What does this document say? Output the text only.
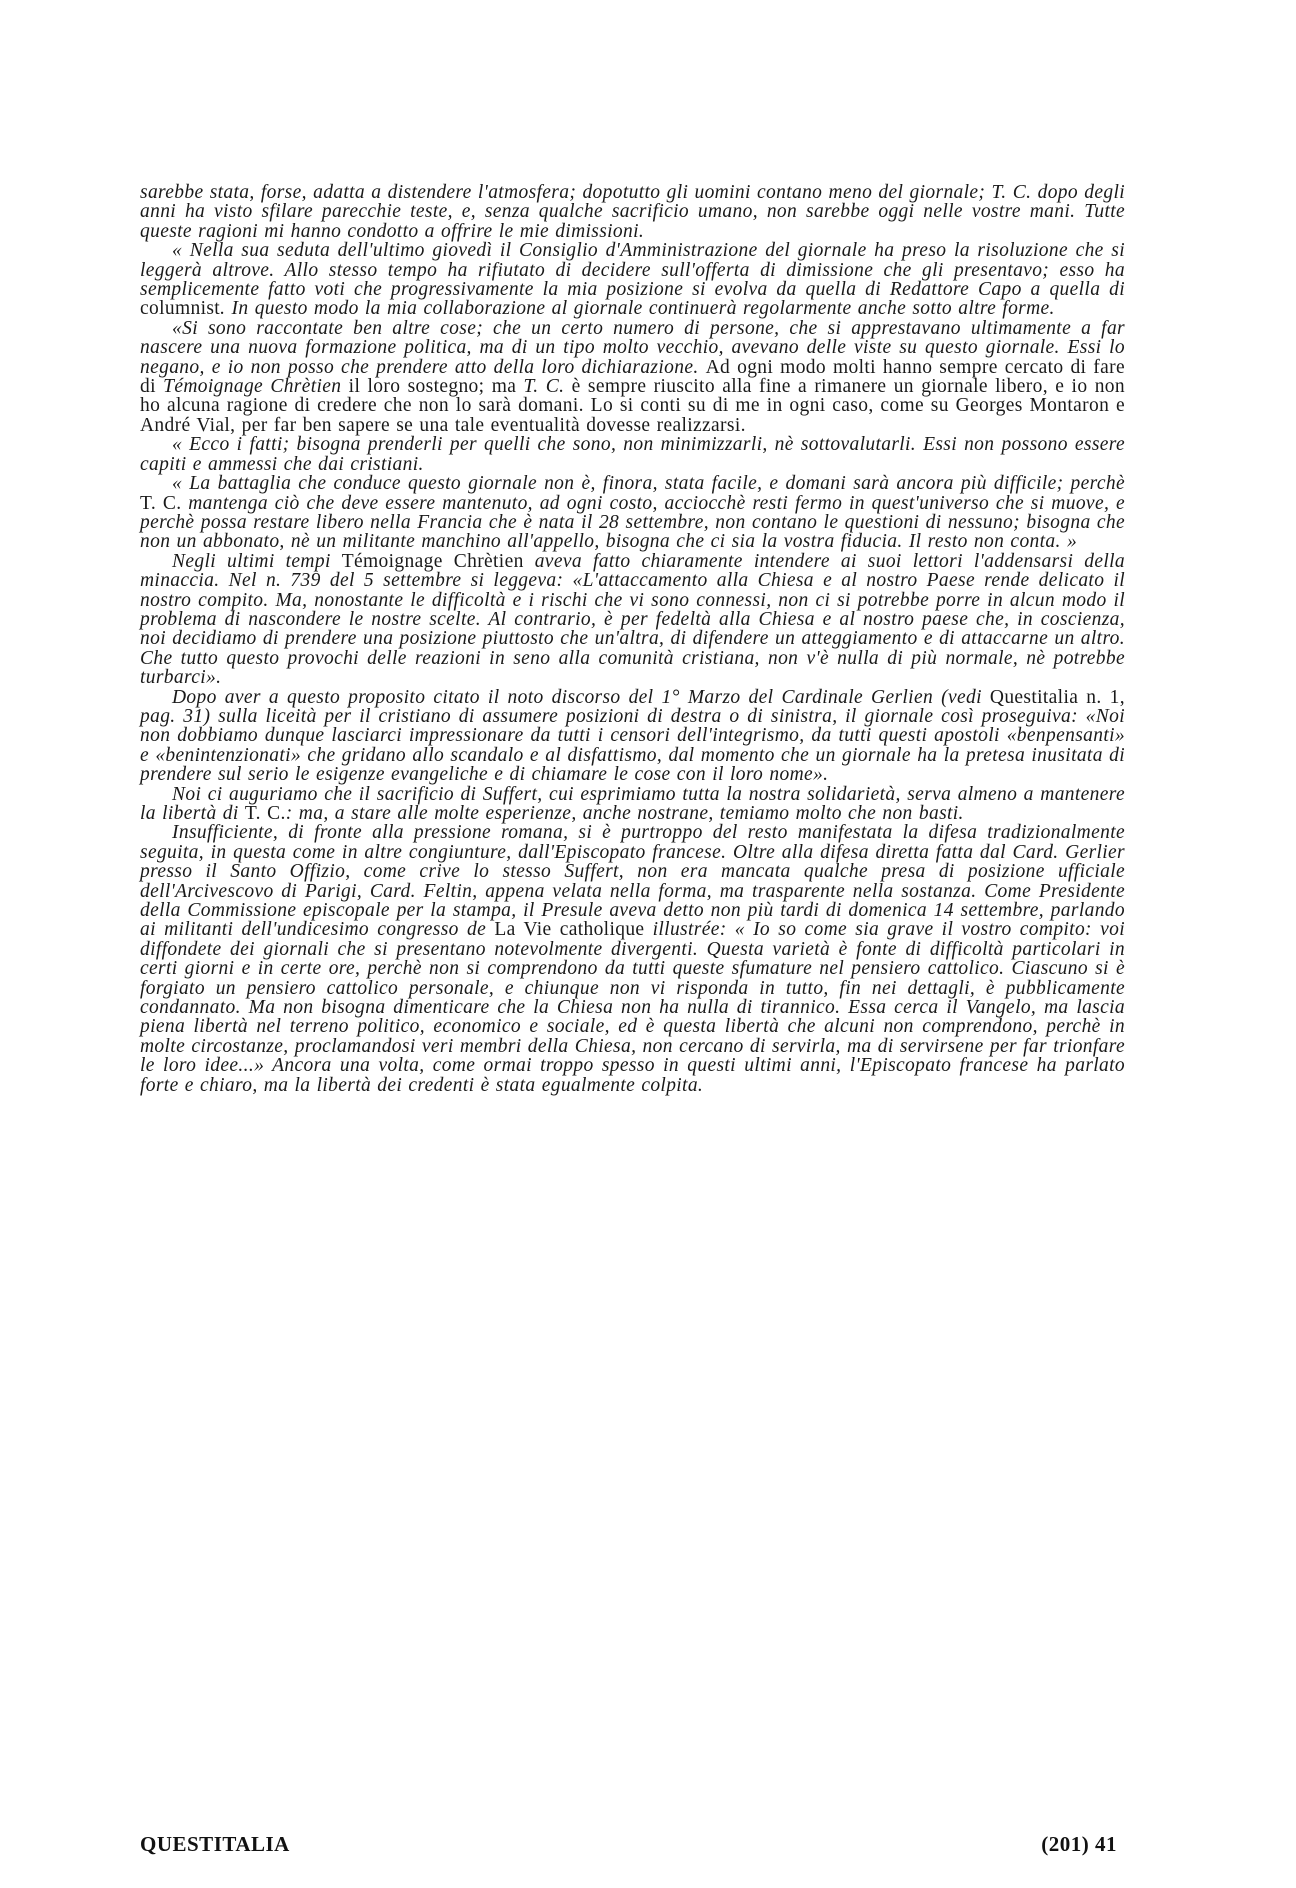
sarebbe stata, forse, adatta a distendere l'atmosfera; dopotutto gli uomini contano meno del giornale; T. C. dopo degli anni ha visto sfilare parecchie teste, e, senza qualche sacrificio umano, non sarebbe oggi nelle vostre mani. Tutte queste ragioni mi hanno condotto a offrire le mie dimissioni.

« Nella sua seduta dell'ultimo giovedì il Consiglio d'Amministrazione del giornale ha preso la risoluzione che si leggerà altrove. Allo stesso tempo ha rifiutato di decidere sull'offerta di dimissione che gli presentavo; esso ha semplicemente fatto voti che progressivamente la mia posizione si evolva da quella di Redattore Capo a quella di columnist. In questo modo la mia collaborazione al giornale continuerà regolarmente anche sotto altre forme.

«Si sono raccontate ben altre cose; che un certo numero di persone, che si apprestavano ultimamente a far nascere una nuova formazione politica, ma di un tipo molto vecchio, avevano delle viste su questo giornale. Essi lo negano, e io non posso che prendere atto della loro dichiarazione. Ad ogni modo molti hanno sempre cercato di fare di Témoignage Chrètien il loro sostegno; ma T. C. è sempre riuscito alla fine a rimanere un giornale libero, e io non ho alcuna ragione di credere che non lo sarà domani. Lo si conti su di me in ogni caso, come su Georges Montaron e André Vial, per far ben sapere se una tale eventualità dovesse realizzarsi.

« Ecco i fatti; bisogna prenderli per quelli che sono, non minimizzarli, nè sottovalutarli. Essi non possono essere capiti e ammessi che dai cristiani.

« La battaglia che conduce questo giornale non è, finora, stata facile, e domani sarà ancora più difficile; perchè T. C. mantenga ciò che deve essere mantenuto, ad ogni costo, acciocchè resti fermo in quest'universo che si muove, e perchè possa restare libero nella Francia che è nata il 28 settembre, non contano le questioni di nessuno; bisogna che non un abbonato, nè un militante manchino all'appello, bisogna che ci sia la vostra fiducia. Il resto non conta. »

Negli ultimi tempi Témoignage Chrètien aveva fatto chiaramente intendere ai suoi lettori l'addensarsi della minaccia. Nel n. 739 del 5 settembre si leggeva: «L'attaccamento alla Chiesa e al nostro Paese rende delicato il nostro compito. Ma, nonostante le difficoltà e i rischi che vi sono connessi, non ci si potrebbe porre in alcun modo il problema di nascondere le nostre scelte. Al contrario, è per fedeltà alla Chiesa e al nostro paese che, in coscienza, noi decidiamo di prendere una posizione piuttosto che un'altra, di difendere un atteggiamento e di attaccarne un altro. Che tutto questo provochi delle reazioni in seno alla comunità cristiana, non v'è nulla di più normale, nè potrebbe turbarci».

Dopo aver a questo proposito citato il noto discorso del 1° Marzo del Cardinale Gerlien (vedi Questitalia n. 1, pag. 31) sulla liceità per il cristiano di assumere posizioni di destra o di sinistra, il giornale così proseguiva: «Noi non dobbiamo dunque lasciarci impressionare da tutti i censori dell'integrismo, da tutti questi apostoli «benpensanti» e «benintenzionati» che gridano allo scandalo e al disfattismo, dal momento che un giornale ha la pretesa inusitata di prendere sul serio le esigenze evangeliche e di chiamare le cose con il loro nome».

Noi ci auguriamo che il sacrificio di Suffert, cui esprimiamo tutta la nostra solidarietà, serva almeno a mantenere la libertà di T. C.: ma, a stare alle molte esperienze, anche nostrane, temiamo molto che non basti.

Insufficiente, di fronte alla pressione romana, si è purtroppo del resto manifestata la difesa tradizionalmente seguita, in questa come in altre congiunture, dall'Episcopato francese. Oltre alla difesa diretta fatta dal Card. Gerlier presso il Santo Offizio, come crive lo stesso Suffert, non era mancata qualche presa di posizione ufficiale dell'Arcivescovo di Parigi, Card. Feltin, appena velata nella forma, ma trasparente nella sostanza. Come Presidente della Commissione episcopale per la stampa, il Presule aveva detto non più tardi di domenica 14 settembre, parlando ai militanti dell'undicesimo congresso de La Vie catholique illustrée: « Io so come sia grave il vostro compito: voi diffondete dei giornali che si presentano notevolmente divergenti. Questa varietà è fonte di difficoltà particolari in certi giorni e in certe ore, perchè non si comprendono da tutti queste sfumature nel pensiero cattolico. Ciascuno si è forgiato un pensiero cattolico personale, e chiunque non vi risponda in tutto, fin nei dettagli, è pubblicamente condannato. Ma non bisogna dimenticare che la Chiesa non ha nulla di tirannico. Essa cerca il Vangelo, ma lascia piena libertà nel terreno politico, economico e sociale, ed è questa libertà che alcuni non comprendono, perchè in molte circostanze, proclamandosi veri membri della Chiesa, non cercano di servirla, ma di servirsene per far trionfare le loro idee...» Ancora una volta, come ormai troppo spesso in questi ultimi anni, l'Episcopato francese ha parlato forte e chiaro, ma la libertà dei credenti è stata egualmente colpita.

QUESTITALIA	(201) 41
